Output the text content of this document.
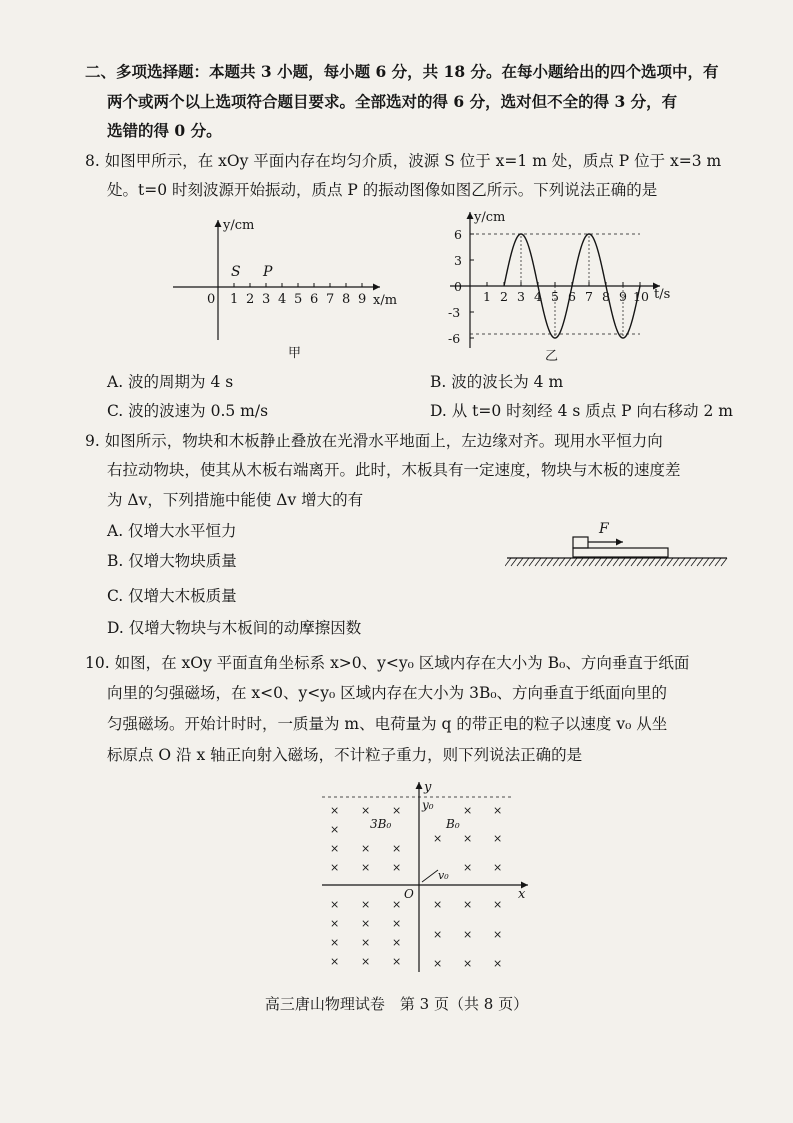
二、多项选择题：本题共 3 小题，每小题 6 分，共 18 分。在每小题给出的四个选项中，有
两个或两个以上选项符合题目要求。全部选对的得 6 分，选对但不全的得 3 分，有
选错的得 0 分。
8. 如图甲所示，在 xOy 平面内存在均匀介质，波源 S 位于 x=1 m 处，质点 P 位于 x=3 m
处。t=0 时刻波源开始振动，质点 P 的振动图像如图乙所示。下列说法正确的是
y/cm
x/m
0 1 2 3 4 5 6 7 8 9
S P
甲
y/cm
t/s
6
3
0
-3
-6
1 2 3 4 5 6 7 8 9 10
乙
A. 波的周期为 4 s	B. 波的波长为 4 m
C. 波的波速为 0.5 m/s	D. 从 t=0 时刻经 4 s 质点 P 向右移动 2 m
9. 如图所示，物块和木板静止叠放在光滑水平地面上，左边缘对齐。现用水平恒力向
右拉动物块，使其从木板右端离开。此时，木板具有一定速度，物块与木板的速度差
为 Δv，下列措施中能使 Δv 增大的有
A. 仅增大水平恒力
B. 仅增大物块质量
C. 仅增大木板质量
D. 仅增大物块与木板间的动摩擦因数
F
10. 如图，在 xOy 平面直角坐标系 x>0、y<y₀ 区域内存在大小为 B₀、方向垂直于纸面
向里的匀强磁场，在 x<0、y<y₀ 区域内存在大小为 3B₀、方向垂直于纸面向里的
匀强磁场。开始计时时，一质量为 m、电荷量为 q 的带正电的粒子以速度 v₀ 从坐
标原点 O 沿 x 轴正向射入磁场，不计粒子重力，则下列说法正确的是
×
×
×
×
×
×
×
×
×
×
×
×
×
×
×
×
×
×
×
×
×
×
×
×
×
×
×
×
×
×
×
×
×
×
×
×
×
×
y
x
y₀
O
v₀
3B₀	B₀
高三唐山物理试卷　第 3 页（共 8 页）
